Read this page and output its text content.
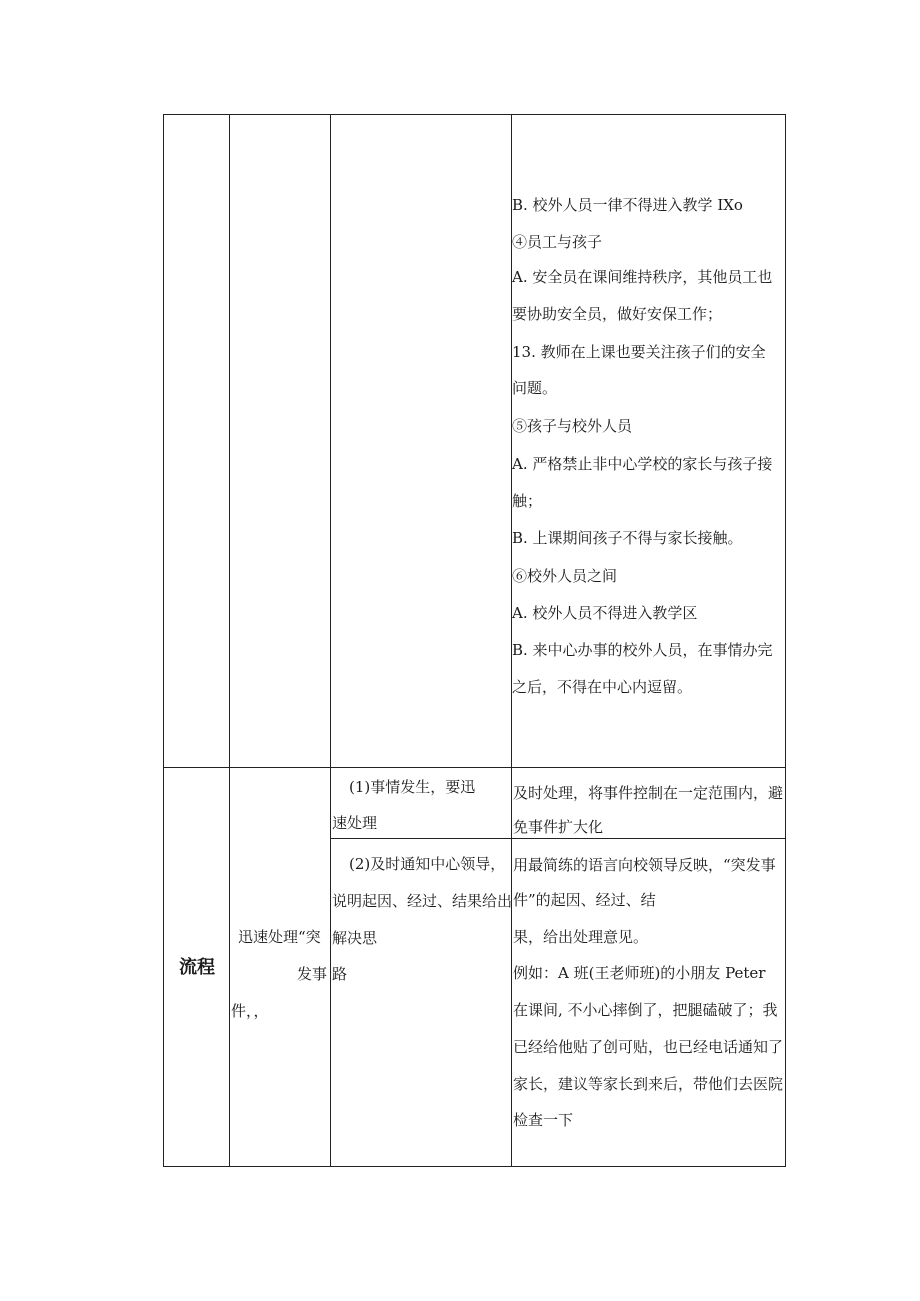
B. 校外人员一律不得进入教学 IXo
④员工与孩子
A. 安全员在课间维持秩序，其他员工也
要协助安全员，做好安保工作；
13. 教师在上课也要关注孩子们的安全
问题。
⑤孩子与校外人员
A. 严格禁止非中心学校的家长与孩子接
触；
B. 上课期间孩子不得与家长接触。
⑥校外人员之间
A. 校外人员不得进入教学区
B. 来中心办事的校外人员，在事情办完
之后，不得在中心内逗留。
流程
迅速处理“突
发事
件，，
(1)事情发生，要迅
速处理
及时处理，将事件控制在一定范围内，避
免事件扩大化
(2)及时通知中心领导，
说明起因、经过、结果给出
解决思
路
用最简练的语言向校领导反映，“突发事
件”的起因、经过、结
果，给出处理意见。
例如：A 班(王老师班)的小朋友 Peter
在课间, 不小心摔倒了，把腿磕破了；我
已经给他贴了创可贴，也已经电话通知了
家长，建议等家长到来后，带他们去医院
检查一下
